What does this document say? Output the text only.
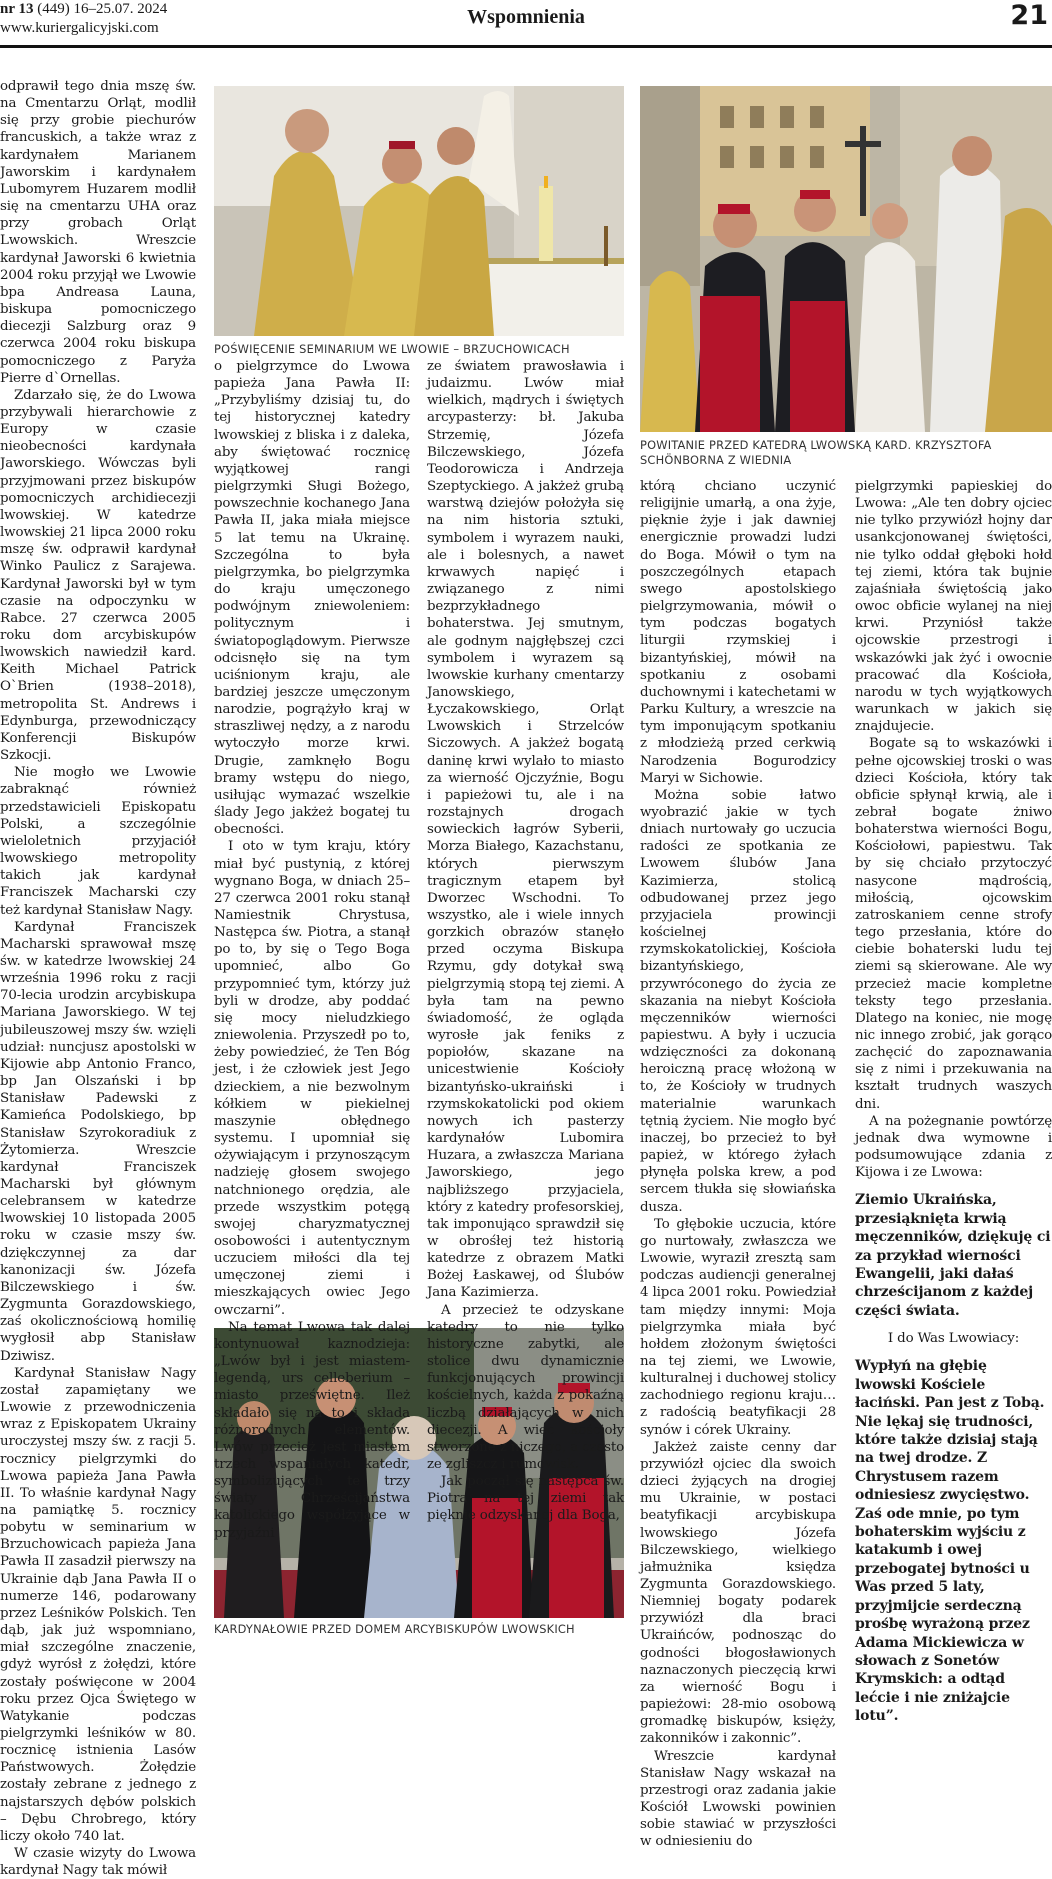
nr 13 (449) 16–25.07. 2024
www.kuriergalicyjski.com	Wspomnienia	21
POŚWIĘCENIE SEMINARIUM WE LWOWIE – BRZUCHOWICACH
POWITANIE PRZED KATEDRĄ LWOWSKĄ KARD. KRZYSZTOFA SCHÖNBORNA Z WIEDNIA
KARDYNAŁOWIE PRZED DOMEM ARCYBISKUPÓW LWOWSKICH

odprawił tego dnia mszę św. na Cmentarzu Orląt, modlił się przy grobie piechurów francuskich, a także wraz z kardynałem Marianem Jaworskim i kardynałem Lubomyrem Huzarem modlił się na cmentarzu UHA oraz przy grobach Orląt Lwowskich. Wreszcie kardynał Jaworski 6 kwietnia 2004 roku przyjął we Lwowie bpa Andreasa Launa, biskupa pomocniczego diecezji Salzburg oraz 9 czerwca 2004 roku biskupa pomocniczego z Paryża Pierre d`Ornellas.

Zdarzało się, że do Lwowa przybywali hierarchowie z Europy w czasie nieobecności kardynała Jaworskiego. Wówczas byli przyjmowani przez biskupów pomocniczych archidiecezji lwowskiej. W katedrze lwowskiej 21 lipca 2000 roku mszę św. odprawił kardynał Winko Paulicz z Sarajewa. Kardynał Jaworski był w tym czasie na odpoczynku w Rabce. 27 czerwca 2005 roku dom arcybiskupów lwowskich nawiedził kard. Keith Michael Patrick O`Brien (1938–2018), metropolita St. Andrews i Edynburga, przewodniczący Konferencji Biskupów Szkocji.

Nie mogło we Lwowie zabraknąć również przedstawicieli Episkopatu Polski, a szczególnie wieloletnich przyjaciół lwowskiego metropolity takich jak kardynał Franciszek Macharski czy też kardynał Stanisław Nagy.

Kardynał Franciszek Macharski sprawował mszę św. w katedrze lwowskiej 24 września 1996 roku z racji 70-lecia urodzin arcybiskupa Mariana Jaworskiego. W tej jubileuszowej mszy św. wzięli udział: nuncjusz apostolski w Kijowie abp Antonio Franco, bp Jan Olszański i bp Stanisław Padewski z Kamieńca Podolskiego, bp Stanisław Szyrokoradiuk z Żytomierza. Wreszcie kardynał Franciszek Macharski był głównym celebransem w katedrze lwowskiej 10 listopada 2005 roku w czasie mszy św. dziękczynnej za dar kanonizacji św. Józefa Bilczewskiego i św. Zygmunta Gorazdowskiego, zaś okolicznościową homilię wygłosił abp Stanisław Dziwisz.

Kardynał Stanisław Nagy został zapamiętany we Lwowie z przewodniczenia wraz z Episkopatem Ukrainy uroczystej mszy św. z racji 5. rocznicy pielgrzymki do Lwowa papieża Jana Pawła II. To właśnie kardynał Nagy na pamiątkę 5. rocznicy pobytu w seminarium w Brzuchowicach papieża Jana Pawła II zasadził pierwszy na Ukrainie dąb Jana Pawła II o numerze 146, podarowany przez Leśników Polskich. Ten dąb, jak już wspomniano, miał szczególne znaczenie, gdyż wyrósł z żołędzi, które zostały poświęcone w 2004 roku przez Ojca Świętego w Watykanie podczas pielgrzymki leśników w 80. rocznicę istnienia Lasów Państwowych. Żołędzie zostały zebrane z jednego z najstarszych dębów polskich – Dębu Chrobrego, który liczy około 740 lat.

W czasie wizyty do Lwowa kardynał Nagy tak mówił

o pielgrzymce do Lwowa papieża Jana Pawła II: „Przybyliśmy dzisiaj tu, do tej historycznej katedry lwowskiej z bliska i z daleka, aby świętować rocznicę wyjątkowej rangi pielgrzymki Sługi Bożego, powszechnie kochanego Jana Pawła II, jaka miała miejsce 5 lat temu na Ukrainę. Szczególna to była pielgrzymka, bo pielgrzymka do kraju umęczonego podwójnym zniewoleniem: politycznym i światopoglądowym. Pierwsze odcisnęło się na tym uciśnionym kraju, ale bardziej jeszcze umęczonym narodzie, pogrążyło kraj w straszliwej nędzy, a z narodu wytoczyło morze krwi. Drugie, zamknęło Bogu bramy wstępu do niego, usiłując wymazać wszelkie ślady Jego jakżeż bogatej tu obecności.

I oto w tym kraju, który miał być pustynią, z której wygnano Boga, w dniach 25–27 czerwca 2001 roku stanął Namiestnik Chrystusa, Następca św. Piotra, a stanął po to, by się o Tego Boga upomnieć, albo Go przypomnieć tym, którzy już byli w drodze, aby poddać się mocy nieludzkiego zniewolenia. Przyszedł po to, żeby powiedzieć, że Ten Bóg jest, i że człowiek jest Jego dzieckiem, a nie bezwolnym kółkiem w piekielnej maszynie obłędnego systemu. I upomniał się ożywiającym i przynoszącym nadzieję głosem swojego natchnionego orędzia, ale przede wszystkim potęgą swojej charyzmatycznej osobowości i autentycznym uczuciem miłości dla tej umęczonej ziemi i mieszkających owiec Jego owczarni”.

Na temat Lwowa tak dalej kontynuował kaznodzieja: „Lwów był i jest miastem-legendą, urs celleberium – miasto przeświętne. Ileż składało się na to i składa różnorodnych elementów. Lwów przecież jest miastem trzech wspaniałych katedr, symbolizujących te trzy światy Chrześcijaństwa katolickiego współżyjące w przyjaźni

ze światem prawosławia i judaizmu. Lwów miał wielkich, mądrych i świętych arcypasterzy: bł. Jakuba Strzemię, Józefa Bilczewskiego, Józefa Teodorowicza i Andrzeja Szeptyckiego. A jakżeż grubą warstwą dziejów położyła się na nim historia sztuki, symbolem i wyrazem nauki, ale i bolesnych, a nawet krwawych napięć i związanego z nimi bezprzykładnego bohaterstwa. Jej smutnym, ale godnym najgłębszej czci symbolem i wyrazem są lwowskie kurhany cmentarzy Janowskiego, Łyczakowskiego, Orląt Lwowskich i Strzelców Siczowych. A jakżeż bogatą daninę krwi wylało to miasto za wierność Ojczyźnie, Bogu i papieżowi tu, ale i na rozstajnych drogach sowieckich łagrów Syberii, Morza Białego, Kazachstanu, których pierwszym tragicznym etapem był Dworzec Wschodni. To wszystko, ale i wiele innych gorzkich obrazów stanęło przed oczyma Biskupa Rzymu, gdy dotykał swą pielgrzymią stopą tej ziemi. A była tam na pewno świadomość, że ogląda wyrosłe jak feniks z popiołów, skazane na unicestwienie Kościoły bizantyńsko-ukraiński i rzymskokatolicki pod okiem nowych ich pasterzy kardynałów Lubomira Huzara, a zwłaszcza Mariana Jaworskiego, jego najbliższego przyjaciela, który z katedry profesorskiej, tak imponująco sprawdził się w obrośłej też historią katedrze z obrazem Matki Bożej Łaskawej, od Ślubów Jana Kazimierza.

A przecież te odzyskane katedry to nie tylko historyczne zabytki, ale stolice dwu dynamicznie funkcjonujących prowincji kościelnych, każda z pokaźną liczbą działających w nich diecezji. A więc kościoły stworzone z niczego, a często ze zgliszcz i rumowisk.

Jak począł się następca św. Piotra na tej ziemi tak pięknie odzyskanej dla Boga,

którą chciano uczynić religijnie umarłą, a ona żyje, pięknie żyje i jak dawniej energicznie prowadzi ludzi do Boga. Mówił o tym na poszczególnych etapach swego apostolskiego pielgrzymowania, mówił o tym podczas bogatych liturgii rzymskiej i bizantyńskiej, mówił na spotkaniu z osobami duchownymi i katechetami w Parku Kultury, a wreszcie na tym imponującym spotkaniu z młodzieżą przed cerkwią Narodzenia Bogurodzicy Maryi w Sichowie.

Można sobie łatwo wyobrazić jakie w tych dniach nurtowały go uczucia radości ze spotkania ze Lwowem ślubów Jana Kazimierza, stolicą odbudowanej przez jego przyjaciela prowincji kościelnej rzymskokatolickiej, Kościoła bizantyńskiego, przywróconego do życia ze skazania na niebyt Kościoła męczenników wierności papiestwu. A były i uczucia wdzięczności za dokonaną heroiczną pracę włożoną w to, że Kościoły w trudnych materialnie warunkach tętnią życiem. Nie mogło być inaczej, bo przecież to był papież, w którego żyłach płynęła polska krew, a pod sercem tłukła się słowiańska dusza.

To głębokie uczucia, które go nurtowały, zwłaszcza we Lwowie, wyraził zresztą sam podczas audiencji generalnej 4 lipca 2001 roku. Powiedział tam między innymi: Moja pielgrzymka miała być hołdem złożonym świętości na tej ziemi, we Lwowie, kulturalnej i duchowej stolicy zachodniego regionu kraju… z radością beatyfikacji 28 synów i córek Ukrainy.

Jakżeż zaiste cenny dar przywiózł ojciec dla swoich dzieci żyjących na drogiej mu Ukrainie, w postaci beatyfikacji arcybiskupa lwowskiego Józefa Bilczewskiego, wielkiego jałmużnika księdza Zygmunta Gorazdowskiego. Niemniej bogaty podarek przywiózł dla braci Ukraińców, podnosząc do godności błogosławionych naznaczonych pieczęcią krwi za wierność Bogu i papieżowi: 28-mio osobową gromadkę biskupów, księży, zakonników i zakonnic”.

Wreszcie kardynał Stanisław Nagy wskazał na przestrogi oraz zadania jakie Kościół Lwowski powinien sobie stawiać w przyszłości w odniesieniu do

pielgrzymki papieskiej do Lwowa: „Ale ten dobry ojciec nie tylko przywiózł hojny dar usankcjonowanej świętości, nie tylko oddał głęboki hołd tej ziemi, która tak bujnie zajaśniała świętością jako owoc obficie wylanej na niej krwi. Przyniósł także ojcowskie przestrogi i wskazówki jak żyć i owocnie pracować dla Kościoła, narodu w tych wyjątkowych warunkach w jakich się znajdujecie.

Bogate są to wskazówki i pełne ojcowskiej troski o was dzieci Kościoła, który tak obficie spłynął krwią, ale i zebrał bogate żniwo bohaterstwa wierności Bogu, Kościołowi, papiestwu. Tak by się chciało przytoczyć nasycone mądrością, miłością, ojcowskim zatroskaniem cenne strofy tego przesłania, które do ciebie bohaterski ludu tej ziemi są skierowane. Ale wy przecież macie kompletne teksty tego przesłania. Dlatego na koniec, nie mogę nic innego zrobić, jak gorąco zachęcić do zapoznawania się z nimi i przekuwania na kształt trudnych waszych dni.

A na pożegnanie powtórzę jednak dwa wymowne i podsumowujące zdania z Kijowa i ze Lwowa:

Ziemio Ukraińska, przesiąknięta krwią męczenników, dziękuję ci za przykład wierności Ewangelii, jaki dałaś chrześcijanom z każdej części świata.

I do Was Lwowiacy:

Wypłyń na głębię lwowski Kościele łaciński. Pan jest z Tobą. Nie lękaj się trudności, które także dzisiaj stają na twej drodze. Z Chrystusem razem odniesiesz zwycięstwo. Zaś ode mnie, po tym bohaterskim wyjściu z katakumb i owej przebogatej bytności u Was przed 5 laty, przyjmijcie serdeczną prośbę wyrażoną przez Adama Mickiewicza w słowach z Sonetów Krymskich: a odtąd lećcie i nie zniżajcie lotu”.
